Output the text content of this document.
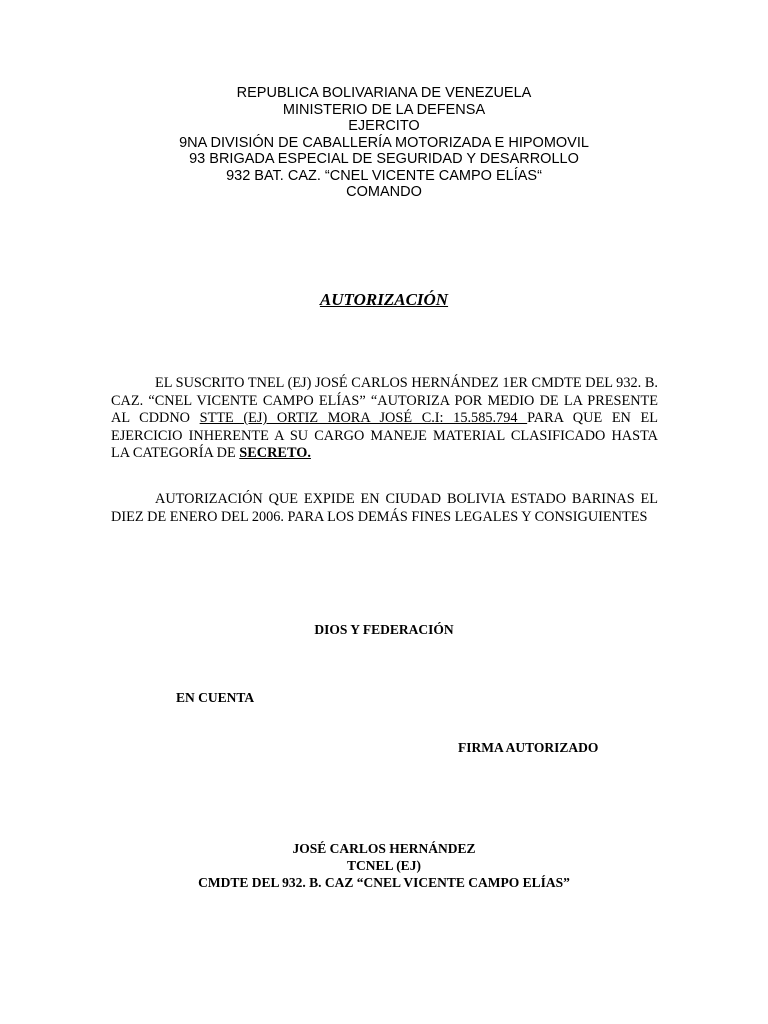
REPUBLICA BOLIVARIANA DE VENEZUELA
MINISTERIO DE LA DEFENSA
EJERCITO
9NA DIVISIÓN DE CABALLERÍA MOTORIZADA E HIPOMOVIL
93 BRIGADA ESPECIAL DE SEGURIDAD Y DESARROLLO
932 BAT. CAZ. “CNEL VICENTE CAMPO ELÍAS“
COMANDO
AUTORIZACIÓN
EL SUSCRITO TNEL (EJ) JOSÉ CARLOS HERNÁNDEZ 1ER CMDTE DEL 932. B. CAZ. “CNEL VICENTE CAMPO ELÍAS” “AUTORIZA POR MEDIO DE LA PRESENTE AL CDDNO STTE (EJ) ORTIZ MORA JOSÉ C.I: 15.585.794 PARA QUE EN EL EJERCICIO INHERENTE A SU CARGO MANEJE MATERIAL CLASIFICADO HASTA LA CATEGORÍA DE SECRETO.
AUTORIZACIÓN QUE EXPIDE EN CIUDAD BOLIVIA ESTADO BARINAS EL DIEZ DE ENERO DEL 2006. PARA LOS DEMÁS FINES LEGALES Y CONSIGUIENTES
DIOS Y FEDERACIÓN
EN CUENTA
FIRMA AUTORIZADO
JOSÉ CARLOS HERNÁNDEZ
TCNEL (EJ)
CMDTE DEL 932. B. CAZ “CNEL VICENTE CAMPO ELÍAS”
